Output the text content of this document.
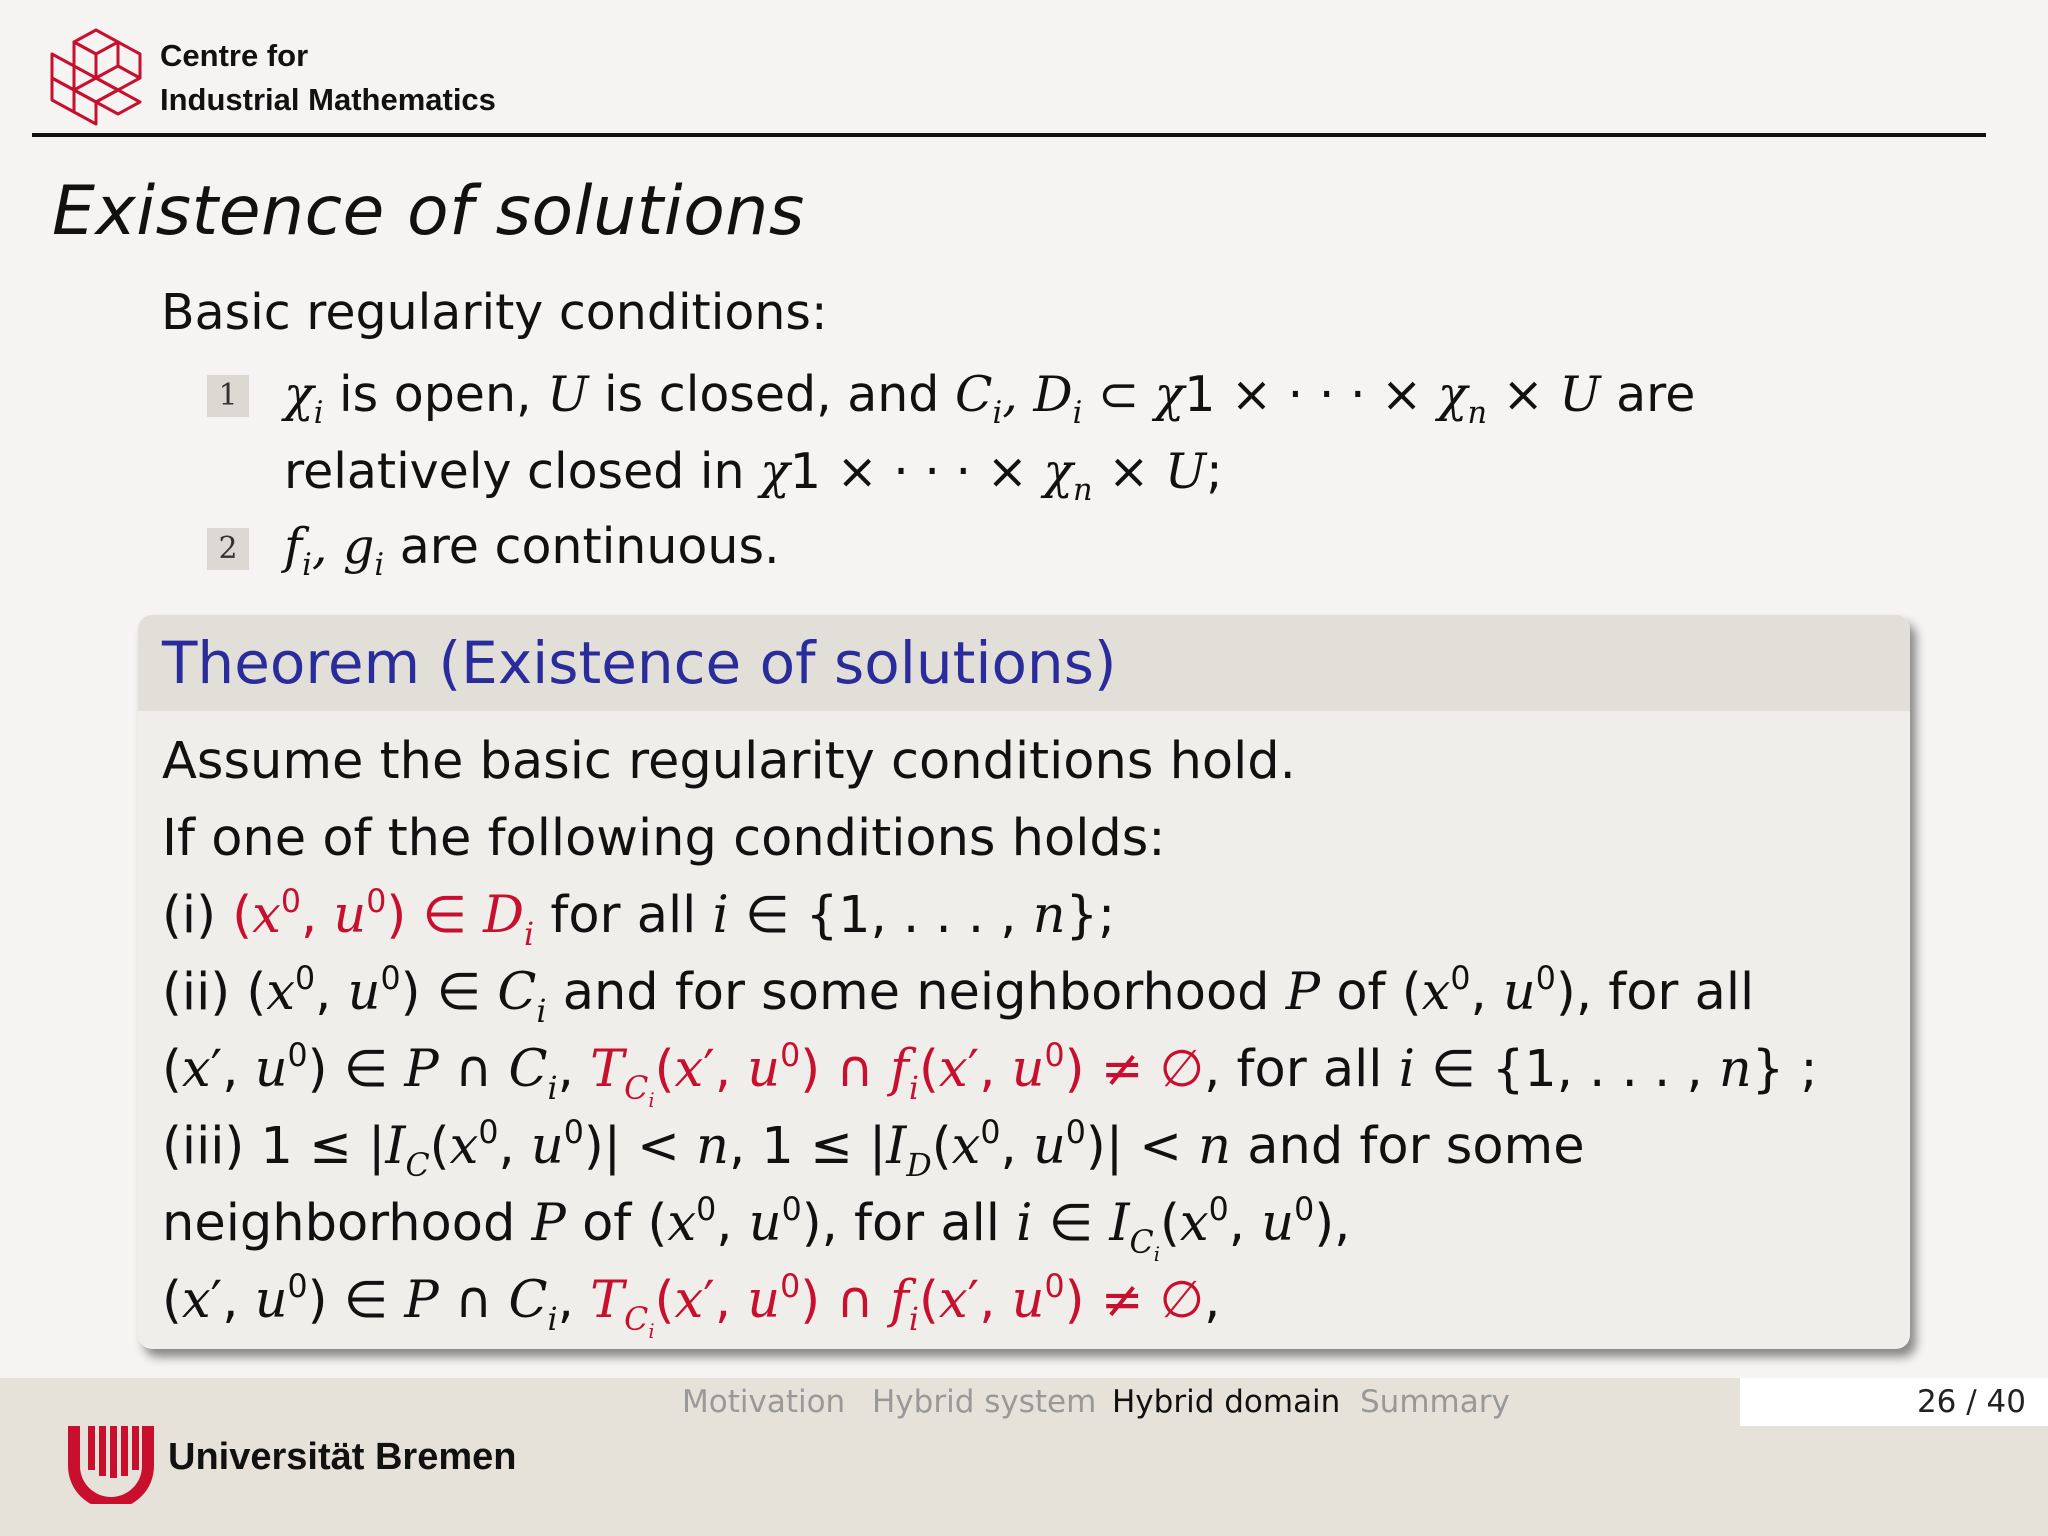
Centre for
Industrial Mathematics
Existence of solutions
Basic regularity conditions:
1 $\chi_i$ is open, U is closed, and $C_i$, $D_i$ ⊂ χ1 × · · · × $\chi_n \times U$ are
relatively closed in χ1 × · · · × $\chi_n \times U$;
2 $f_i$, $g_i$ are continuous.
Theorem (Existence of solutions)
Assume the basic regularity conditions hold.
If one of the following conditions holds:
(i) ($x^0$, $u^0$) ∈ $D_i$ for all i ∈ {1, . . . , n};
(ii) ($x^0$, $u^0$) ∈ $C_i$ and for some neighborhood P of ($x^0$, $u^0$), for all
(x′, $u^0$) ∈ P ∩ $C_i$, $T_{C_i}(x'$, $u^0$) ∩ $f_i(x'$, $u^0$) ≠ ∅, for all i ∈ {1, . . . , n} ;
(iii) $1 \le |I_C(x^0$, $u^0)| < n$, $1 \le |I_D(x^0$, $u^0)| < n$ and for some
neighborhood P of ($x^0$, $u^0$), for all i ∈ $I_{C_i}(x^0$, $u^0$),
(x′, $u^0$) ∈ P ∩ $C_i$, $T_{C_i}(x'$, $u^0$) ∩ $f_i(x'$, $u^0$) ≠ ∅,
Motivation Hybrid system Hybrid domain Summary	26 / 40
Universität Bremen
